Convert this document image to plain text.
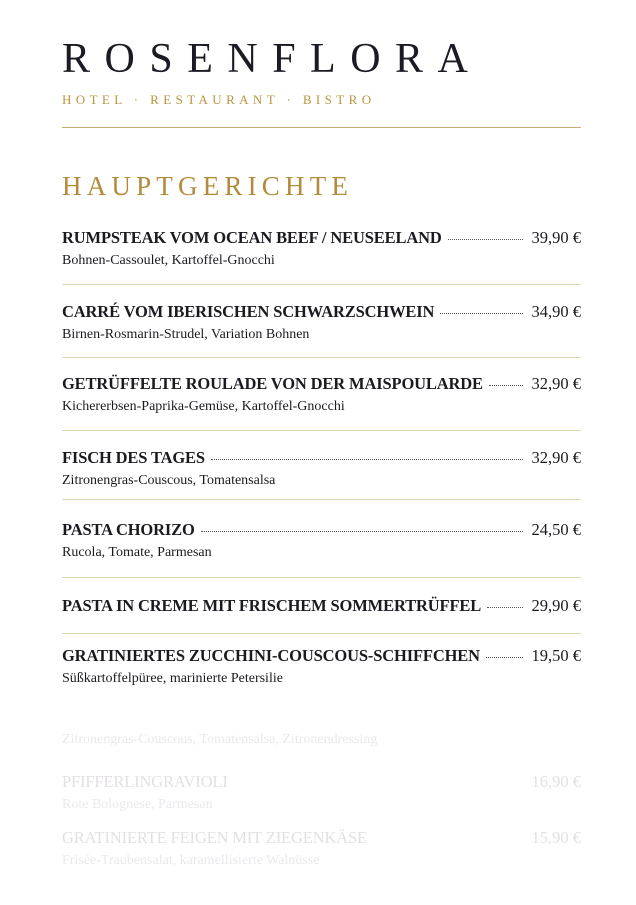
ROSENFLORA
HOTEL · RESTAURANT · BISTRO
HAUPTGERICHTE
RUMPSTEAK VOM OCEAN BEEF / NEUSEELAND	39,90 €
Bohnen-Cassoulet, Kartoffel-Gnocchi
CARRÉ VOM IBERISCHEN SCHWARZSCHWEIN	34,90 €
Birnen-Rosmarin-Strudel, Variation Bohnen
GETRÜFFELTE ROULADE VON DER MAISPOULARDE	32,90 €
Kichererbsen-Paprika-Gemüse, Kartoffel-Gnocchi
FISCH DES TAGES	32,90 €
Zitronengras-Couscous, Tomatensalsa
PASTA CHORIZO	24,50 €
Rucola, Tomate, Parmesan
PASTA IN CREME MIT FRISCHEM SOMMERTRÜFFEL	29,90 €
GRATINIERTES ZUCCHINI-COUSCOUS-SCHIFFCHEN	19,50 €
Süßkartoffelpüree, marinierte Petersilie
Zitronengras-Couscous, Tomatensalsa, Zitronendressing
PFIFFERLINGRAVIOLI	16,90 €
Rote Bolognese, Parmesan
GRATINIERTE FEIGEN MIT ZIEGENKÄSE	15,90 €
Frisée-Traubensalat, karamellisierte Walnüsse
